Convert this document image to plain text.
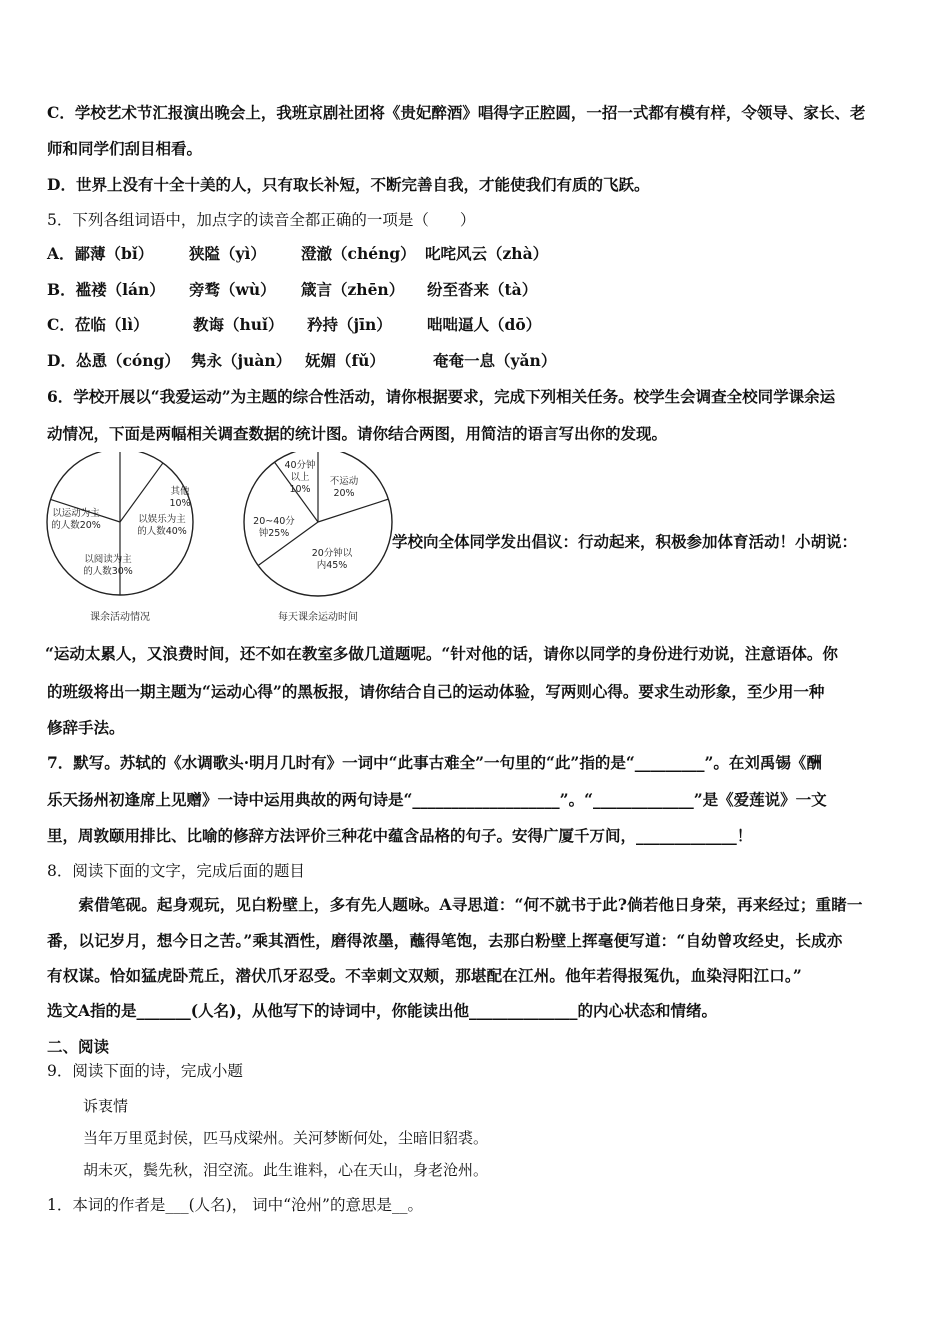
C．学校艺术节汇报演出晚会上，我班京剧社团将《贵妃醉酒》唱得字正腔圆，一招一式都有模有样，令领导、家长、老
师和同学们刮目相看。
D．世界上没有十全十美的人，只有取长补短，不断完善自我，才能使我们有质的飞跃。
5．下列各组词语中，加点字的读音全都正确的一项是（　　）
A．鄙薄（bǐ） 狭隘（yì） 澄澈（chéng） 叱咤风云（zhà）
B．褴褛（lán） 旁骛（wù） 箴言（zhēn） 纷至沓来（tà）
C．莅临（lì）	教诲（huǐ） 矜持（jīn） 咄咄逼人（dō）
D．怂恿（cóng） 隽永（juàn） 妩媚（fǔ）	奄奄一息（yǎn）
6．学校开展以“我爱运动”为主题的综合性活动，请你根据要求，完成下列相关任务。校学生会调查全校同学课余运
动情况，下面是两幅相关调查数据的统计图。请你结合两图，用简洁的语言写出你的发现。
其他
10%
以娱乐为主
的人数40%
以阅读为主
的人数30%
以运动为主
的人数20%
课余活动情况
不运动
20%
20分钟以
内45%
20~40分
钟25%
40分钟
以上
10%
每天课余运动时间
学校向全体同学发出倡议：行动起来，积极参加体育活动！小胡说：
“运动太累人，又浪费时间，还不如在教室多做几道题呢。“针对他的话，请你以同学的身份进行劝说，注意语体。你
的班级将出一期主题为“运动心得”的黑板报，请你结合自己的运动体验，写两则心得。要求生动形象，至少用一种
修辞手法。
7．默写。苏轼的《水调歌头·明月几时有》一词中“此事古难全”一句里的“此”指的是“_________”。在刘禹锡《酬
乐天扬州初逢席上见赠》一诗中运用典故的两句诗是“___________________”。“_____________”是《爱莲说》一文
里，周敦颐用排比、比喻的修辞方法评价三种花中蕴含品格的句子。安得广厦千万间，_____________！
8．阅读下面的文字，完成后面的题目
　　索借笔砚。起身观玩，见白粉壁上，多有先人题咏。A寻思道：“何不就书于此?倘若他日身荣，再来经过；重睹一
番，以记岁月，想今日之苦。”乘其酒性，磨得浓墨，蘸得笔饱，去那白粉壁上挥毫便写道：“自幼曾攻经史，长成亦
有权谋。恰如猛虎卧荒丘，潜伏爪牙忍受。不幸刺文双颊，那堪配在江州。他年若得报冤仇，血染浔阳江口。”
选文A指的是_______(人名)，从他写下的诗词中，你能读出他______________的内心状态和情绪。
二、阅读
9．阅读下面的诗，完成小题
诉衷情
当年万里觅封侯，匹马戍梁州。关河梦断何处，尘暗旧貂裘。
胡未灭，鬓先秋，泪空流。此生谁料，心在天山，身老沧州。
1．本词的作者是___(人名)， 词中“沧州”的意思是__。
